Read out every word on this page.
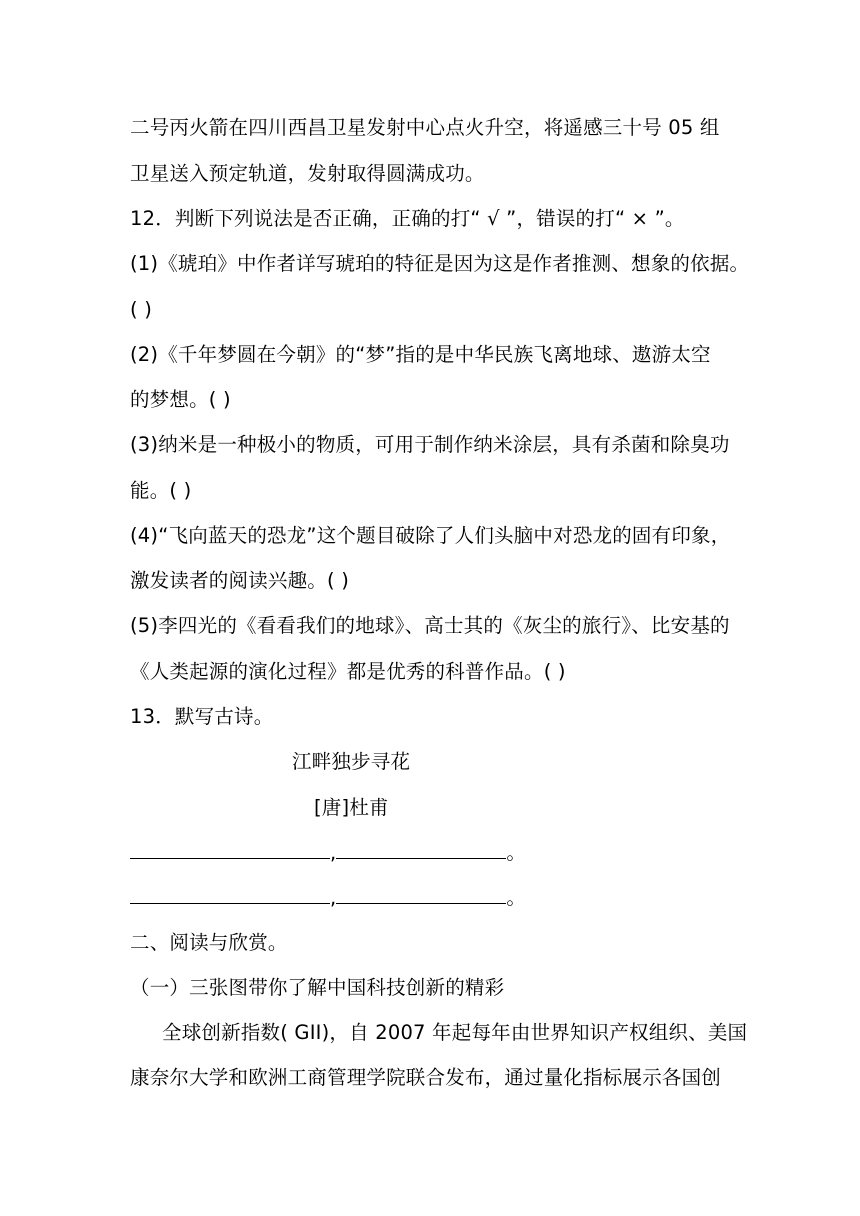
二号丙火箭在四川西昌卫星发射中心点火升空，将遥感三十号 05 组
卫星送入预定轨道，发射取得圆满成功。
12．判断下列说法是否正确，正确的打“ √ ”，错误的打“ × ”。
(1)《琥珀》中作者详写琥珀的特征是因为这是作者推测、想象的依据。
( )
(2)《千年梦圆在今朝》的“梦”指的是中华民族飞离地球、遨游太空
的梦想。( )
(3)纳米是一种极小的物质，可用于制作纳米涂层，具有杀菌和除臭功
能。( )
(4)“飞向蓝天的恐龙”这个题目破除了人们头脑中对恐龙的固有印象，
激发读者的阅读兴趣。( )
(5)李四光的《看看我们的地球》、高士其的《灰尘的旅行》、比安基的
《人类起源的演化过程》都是优秀的科普作品。( )
13．默写古诗。
江畔独步寻花
[唐]杜甫
,	。
,	。
二、阅读与欣赏。
（一）三张图带你了解中国科技创新的精彩
全球创新指数( GII)，自 2007 年起每年由世界知识产权组织、美国
康奈尔大学和欧洲工商管理学院联合发布，通过量化指标展示各国创
